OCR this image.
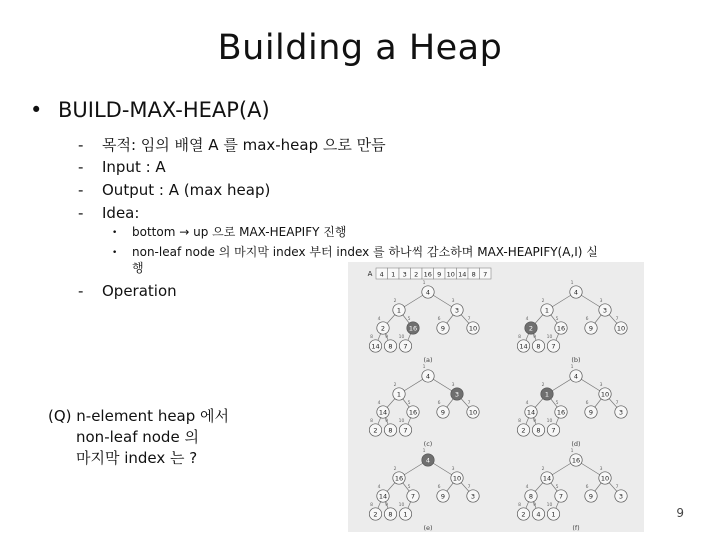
Building a Heap
• BUILD-MAX-HEAP(A)
- 목적: 임의 배열 A 를 max-heap 으로 만듬
- Input : A
- Output : A (max heap)
- Idea:
• bottom → up 으로 MAX-HEAPIFY 진행
• non-leaf node 의 마지막 index 부터 index 를 하나씩 감소하며 MAX-HEAPIFY(A,I) 실
행
- Operation
(Q) n-element heap 에서
non-leaf node 의
마지막 index 는 ?
A 4 1 3 2 16 9 10 14 8 7
4
1
1
2
3
3
2
4
16
5
9
6
10
7
14
8
8
9
7
10
(a)
4
1
1
2
3
3
2
4
16
5
9
6
10
7
14
8
8
9
7
10
(b)
4
1
1
2
3
3
14
4
16
5
9
6
10
7
2
8
8
9
7
10
(c)
4
1
1
2
10
3
14
4
16
5
9
6
3
7
2
8
8
9
7
10
(d)
4
1
16
2
10
3
14
4
7
5
9
6
3
7
2
8
8
9
1
10
(e)
16
1
14
2
10
3
8
4
7
5
9
6
3
7
2
8
4
9
1
10
(f)
9
